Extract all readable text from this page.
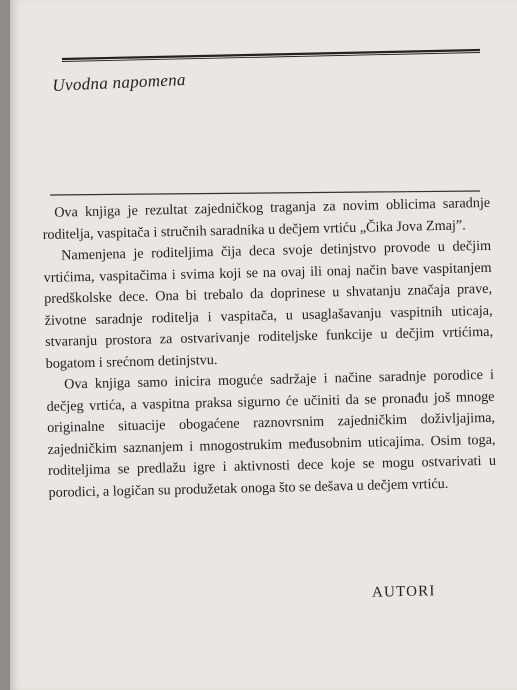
Uvodna napomena

Ova knjiga je rezultat zajedničkog traganja za novim oblicima saradnje roditelja, vaspitača i stručnih saradnika u dečjem vrtiću „Čika Jova Zmaj”.

Namenjena je roditeljima čija deca svoje detinjstvo provode u dečjim vrtićima, vaspitačima i svima koji se na ovaj ili onaj način bave vaspitanjem predškolske dece. Ona bi trebalo da doprinese u shvatanju značaja prave, životne saradnje roditelja i vaspitača, u usaglašavanju vaspitnih uticaja, stvaranju prostora za ostvarivanje roditeljske funkcije u dečjim vrtićima, bogatom i srećnom detinjstvu.

Ova knjiga samo inicira moguće sadržaje i načine saradnje porodice i dečjeg vrtića, a vaspitna praksa sigurno će učiniti da se pronađu još mnoge originalne situacije obogaćene raznovrsnim zajedničkim doživljajima, zajedničkim saznanjem i mnogostrukim međusobnim uticajima. Osim toga, roditeljima se predlažu igre i aktivnosti dece koje se mogu ostvarivati u porodici, a logičan su produžetak onoga što se dešava u dečjem vrtiću.

AUTORI
